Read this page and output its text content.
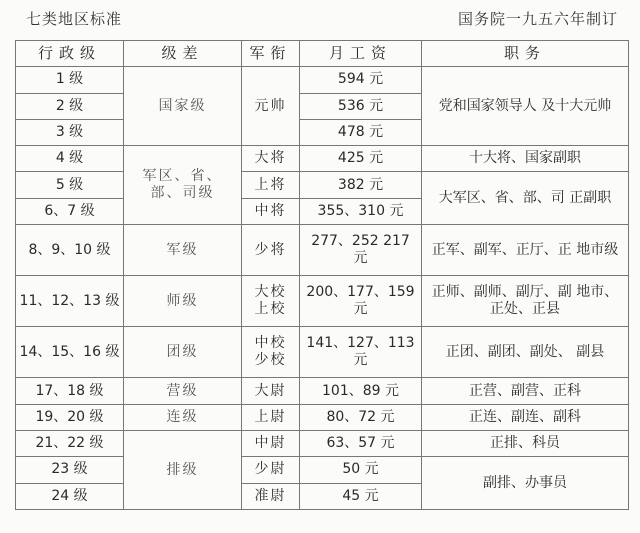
七类地区标准	国务院一九五六年制订
行政级	级差	军衔	月工资	职务
1 级	国家级	元帅	594 元	党和国家领导人 及十大元帅
2 级			536 元	
3 级			478 元	
4 级	军区、省、部、司级	大将	425 元	十大将、国家副职
5 级		上将	382 元	大军区、省、部、司 正副职
6、7 级		中将	355、310 元	
8、9、10 级	军级	少将	277、252 217 元	正军、副军、正厅、正 地市级
11、12、13 级	师级	大校 上校	200、177、159 元	正师、副师、副厅、副 地市、正处、正县
14、15、16 级	团级	中校 少校	141、127、113 元	正团、副团、副处、 副县
17、18 级	营级	大尉	101、89 元	正营、副营、正科
19、20 级	连级	上尉	80、72 元	正连、副连、副科
21、22 级	排级	中尉	63、57 元	正排、科员
23 级		少尉	50 元	副排、办事员
24 级		准尉	45 元	
